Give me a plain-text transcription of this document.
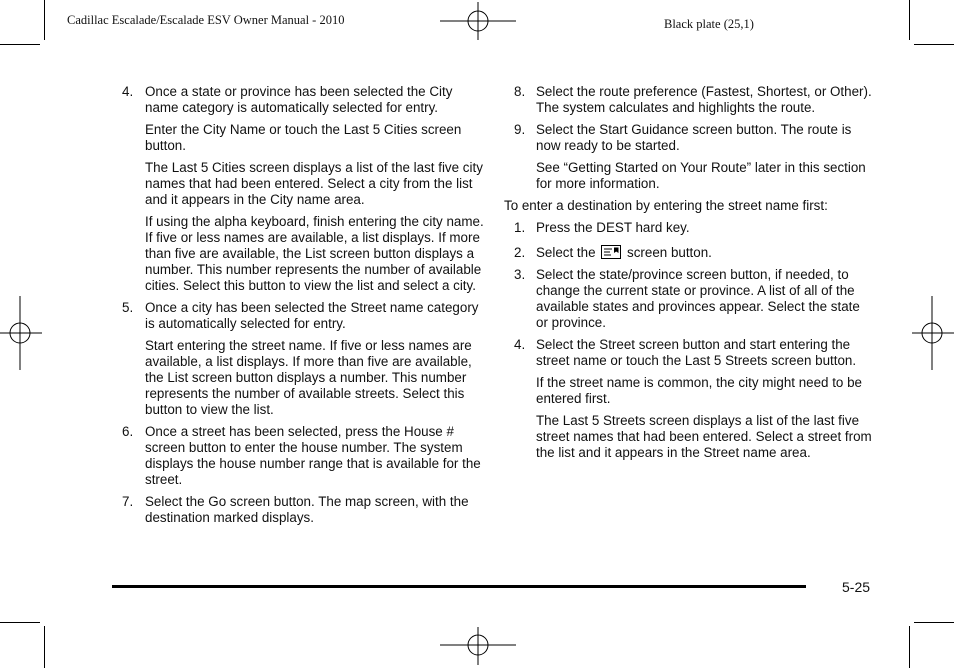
Cadillac Escalade/Escalade ESV Owner Manual - 2010	Black plate (25,1)
4. Once a state or province has been selected the City name category is automatically selected for entry.
Enter the City Name or touch the Last 5 Cities screen button.
The Last 5 Cities screen displays a list of the last five city names that had been entered. Select a city from the list and it appears in the City name area.
If using the alpha keyboard, finish entering the city name. If five or less names are available, a list displays. If more than five are available, the List screen button displays a number. This number represents the number of available cities. Select this button to view the list and select a city.
5. Once a city has been selected the Street name category is automatically selected for entry.
Start entering the street name. If five or less names are available, a list displays. If more than five are available, the List screen button displays a number. This number represents the number of available streets. Select this button to view the list.
6. Once a street has been selected, press the House # screen button to enter the house number. The system displays the house number range that is available for the street.
7. Select the Go screen button. The map screen, with the destination marked displays.
8. Select the route preference (Fastest, Shortest, or Other). The system calculates and highlights the route.
9. Select the Start Guidance screen button. The route is now ready to be started.
See “Getting Started on Your Route” later in this section for more information.
To enter a destination by entering the street name first:
1. Press the DEST hard key.
2. Select the screen button.
3. Select the state/province screen button, if needed, to change the current state or province. A list of all of the available states and provinces appear. Select the state or province.
4. Select the Street screen button and start entering the street name or touch the Last 5 Streets screen button.
If the street name is common, the city might need to be entered first.
The Last 5 Streets screen displays a list of the last five street names that had been entered. Select a street from the list and it appears in the Street name area.
5-25
